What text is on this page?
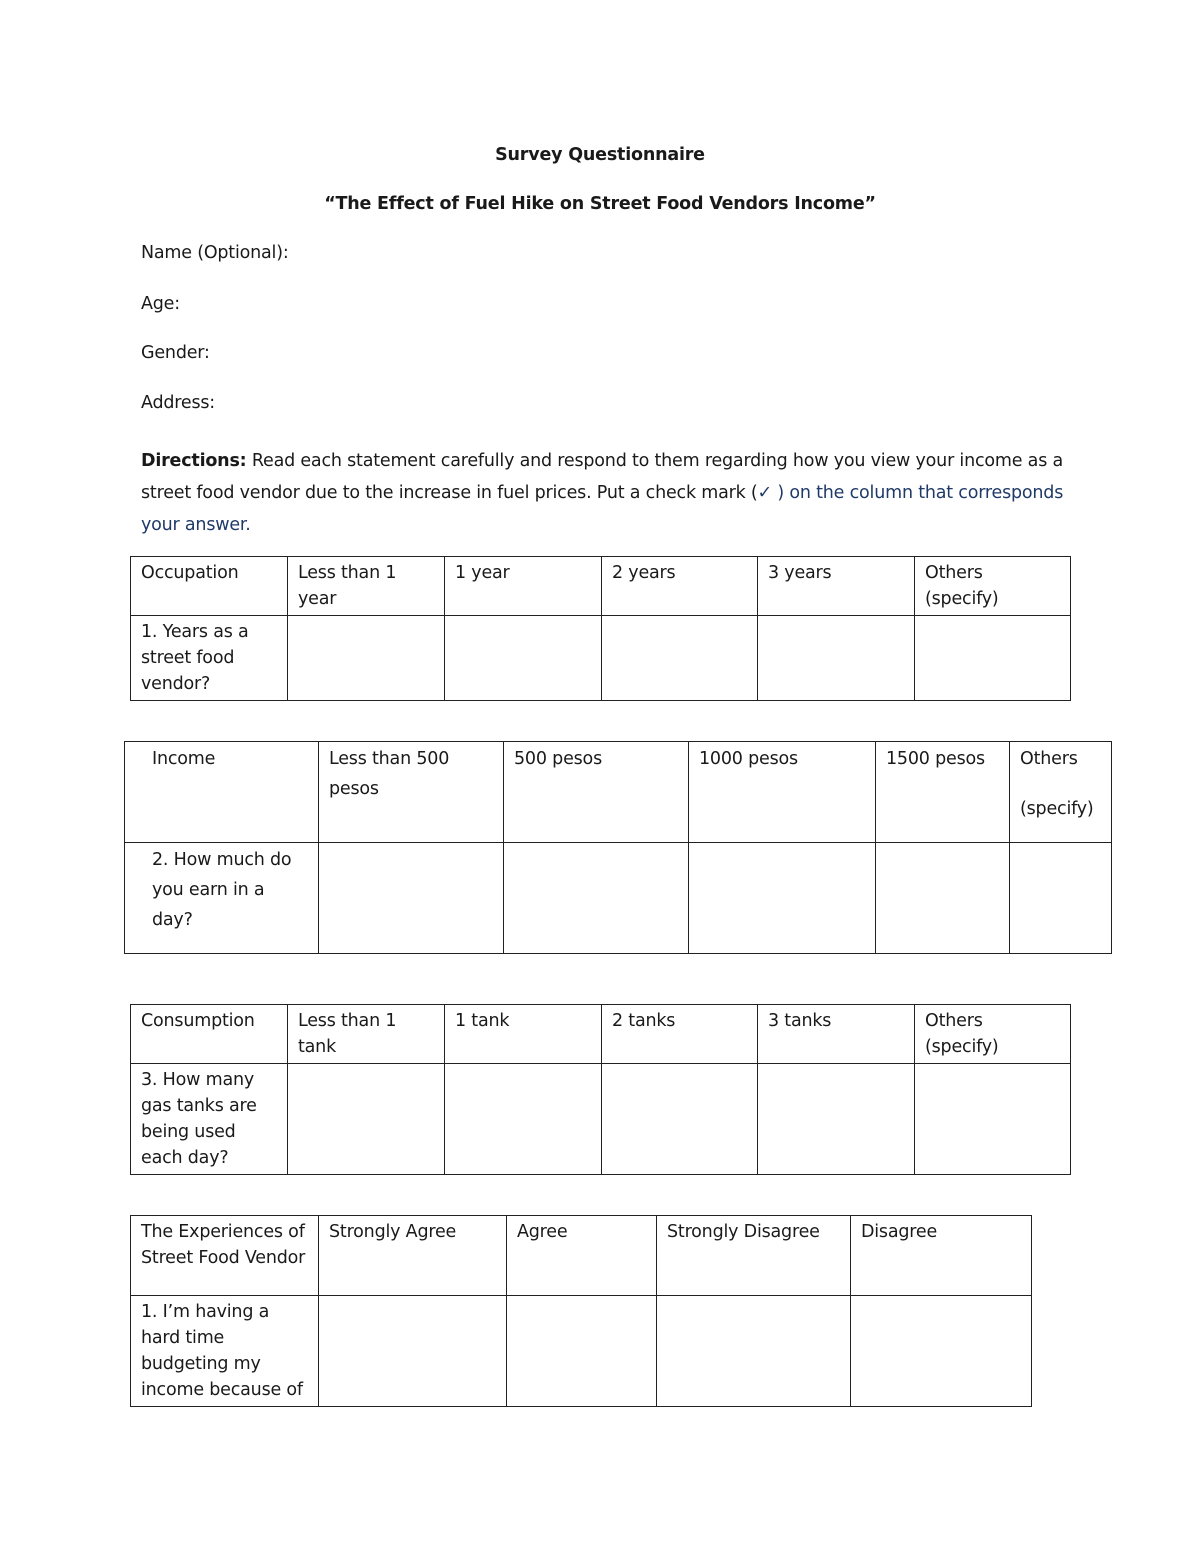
Survey Questionnaire

“The Effect of Fuel Hike on Street Food Vendors Income”

Name (Optional):

Age:

Gender:

Address:

Directions: Read each statement carefully and respond to them regarding how you view your income as a street food vendor due to the increase in fuel prices. Put a check mark (✓ ) on the column that corresponds your answer.

Occupation	Less than 1 year	1 year	2 years	3 years	Others (specify)
1. Years as a street food vendor?					
Income	Less than 500 pesos	500 pesos	1000 pesos	1500 pesos	Others
(specify)

2. How much do you earn in a day?					
Consumption	Less than 1 tank	1 tank	2 tanks	3 tanks	Others (specify)
3. How many gas tanks are being used each day?					
The Experiences of Street Food Vendor	Strongly Agree	Agree	Strongly Disagree	Disagree
1. I’m having a hard time budgeting my income because of				
